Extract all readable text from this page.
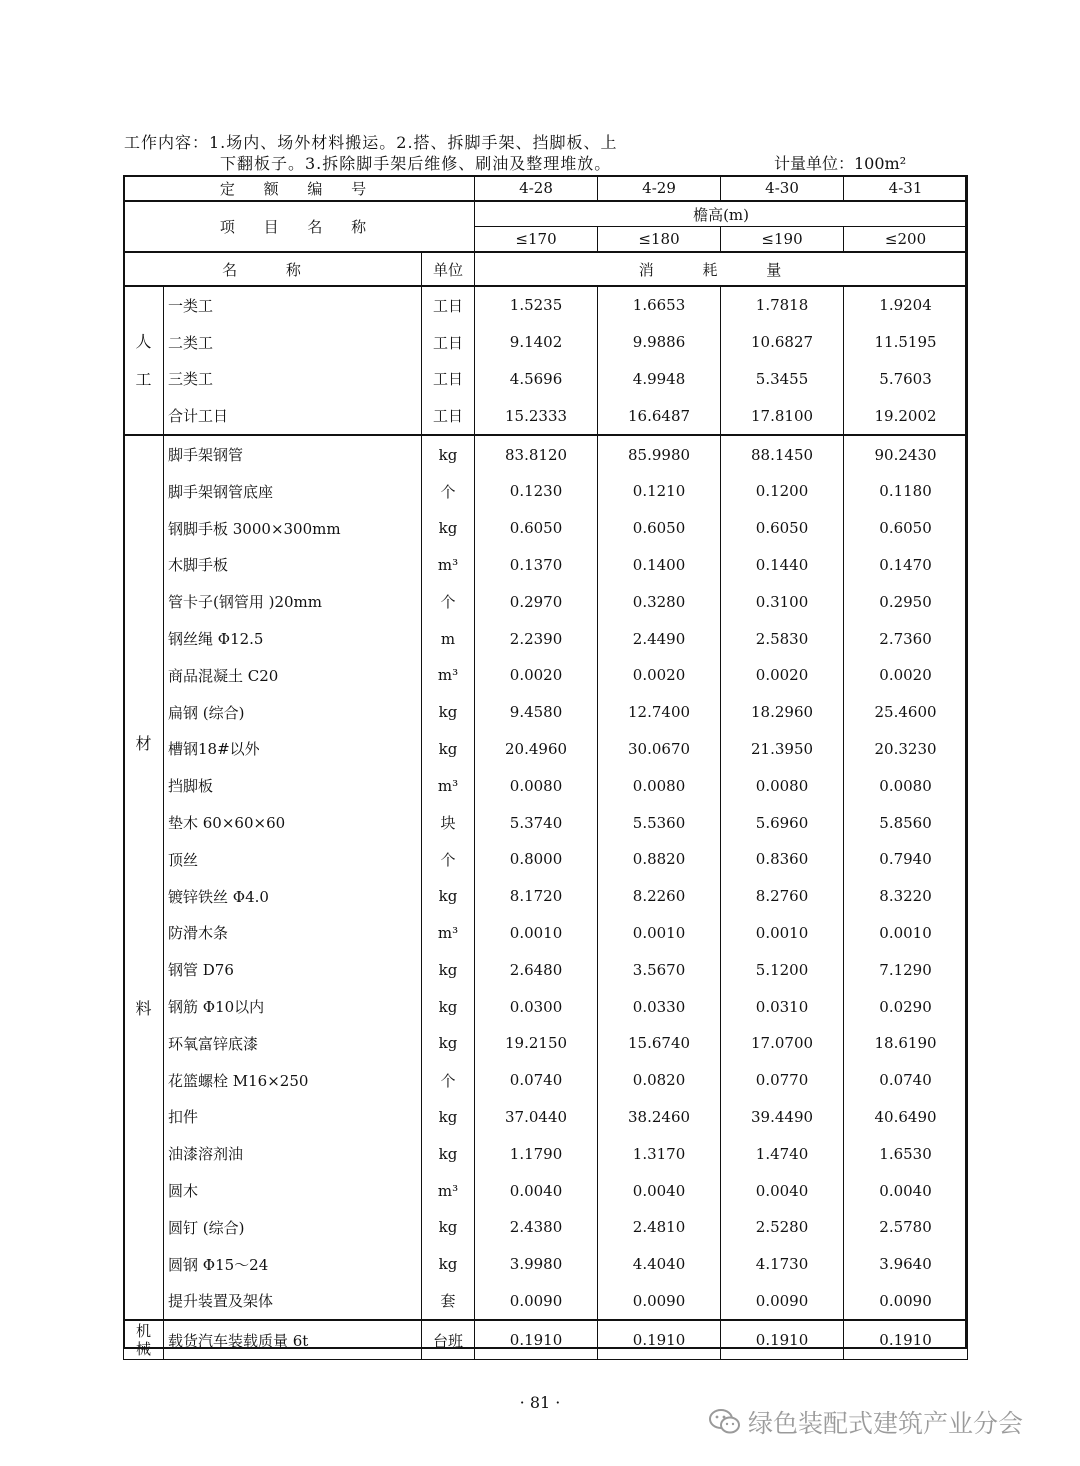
工作内容：1.场内、场外材料搬运。2.搭、拆脚手架、挡脚板、上
下翻板子。3.拆除脚手架后维修、刷油及整理堆放。	计量单位：100m²
定 额 编 号			4-28	4-29	4-30	4-31
项 目 名 称			檐高(m)			
			≤170	≤180	≤190	≤200
名 称		单位	消 耗 量			
人
工	一类工	工日	1.5235	1.6653	1.7818	1.9204
	二类工	工日	9.1402	9.9886	10.6827	11.5195
	三类工	工日	4.5696	4.9948	5.3455	5.7603
	合计工日	工日	15.2333	16.6487	17.8100	19.2002

材
料	脚手架钢管	kg	83.8120	85.9980	88.1450	90.2430
	脚手架钢管底座	个	0.1230	0.1210	0.1200	0.1180
	钢脚手板 3000×300mm	kg	0.6050	0.6050	0.6050	0.6050
	木脚手板	m³	0.1370	0.1400	0.1440	0.1470
	管卡子(钢管用 )20mm	个	0.2970	0.3280	0.3100	0.2950
	钢丝绳 Φ12.5	m	2.2390	2.4490	2.5830	2.7360
	商品混凝土 C20	m³	0.0020	0.0020	0.0020	0.0020
	扁钢 (综合)	kg	9.4580	12.7400	18.2960	25.4600
	槽钢18#以外	kg	20.4960	30.0670	21.3950	20.3230
	挡脚板	m³	0.0080	0.0080	0.0080	0.0080
	垫木 60×60×60	块	5.3740	5.5360	5.6960	5.8560
	顶丝	个	0.8000	0.8820	0.8360	0.7940
	镀锌铁丝 Φ4.0	kg	8.1720	8.2260	8.2760	8.3220
	防滑木条	m³	0.0010	0.0010	0.0010	0.0010
	钢管 D76	kg	2.6480	3.5670	5.1200	7.1290
	钢筋 Φ10以内	kg	0.0300	0.0330	0.0310	0.0290
	环氧富锌底漆	kg	19.2150	15.6740	17.0700	18.6190
	花篮螺栓 M16×250	个	0.0740	0.0820	0.0770	0.0740
	扣件	kg	37.0440	38.2460	39.4490	40.6490
	油漆溶剂油	kg	1.1790	1.3170	1.4740	1.6530
	圆木	m³	0.0040	0.0040	0.0040	0.0040
	圆钉 (综合)	kg	2.4380	2.4810	2.5280	2.5780
	圆钢 Φ15～24	kg	3.9980	4.4040	4.1730	3.9640
	提升装置及架体	套	0.0090	0.0090	0.0090	0.0090
机
械	载货汽车装载质量 6t	台班	0.1910	0.1910	0.1910	0.1910
· 81 ·
绿色装配式建筑产业分会
